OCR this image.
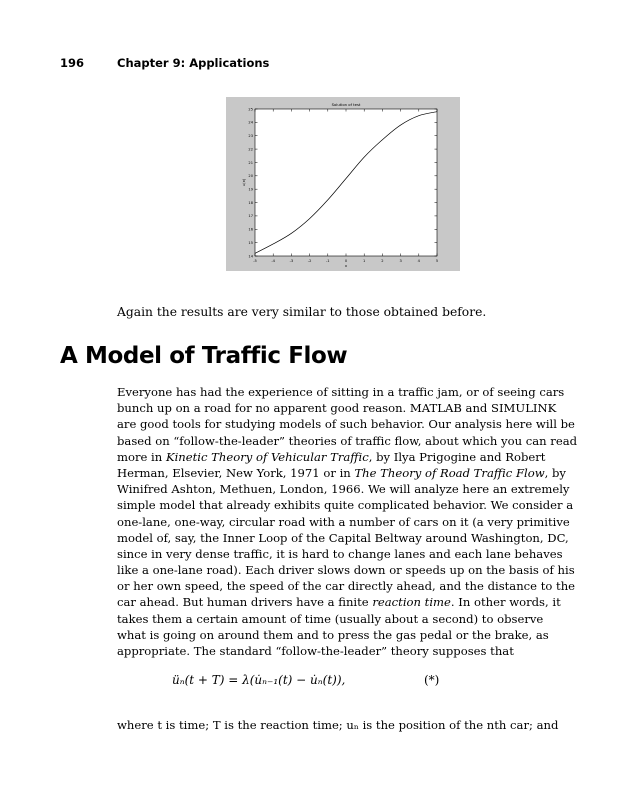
196	Chapter 9: Applications
-5	-4	-3	-2	-1	0	1	2	3	4	5
14
15
16
17
18
19
20
21
22
23
24
25
Solution of test
x
u(x)
Again the results are very similar to those obtained before.
A Model of Traffic Flow
Everyone has had the experience of sitting in a traffic jam, or of seeing cars
bunch up on a road for no apparent good reason. MATLAB and SIMULINK
are good tools for studying models of such behavior. Our analysis here will be
based on “follow-the-leader” theories of traffic flow, about which you can read
more in Kinetic Theory of Vehicular Traffic, by Ilya Prigogine and Robert
Herman, Elsevier, New York, 1971 or in The Theory of Road Traffic Flow, by
Winifred Ashton, Methuen, London, 1966. We will analyze here an extremely
simple model that already exhibits quite complicated behavior. We consider a
one-lane, one-way, circular road with a number of cars on it (a very primitive
model of, say, the Inner Loop of the Capital Beltway around Washington, DC,
since in very dense traffic, it is hard to change lanes and each lane behaves
like a one-lane road). Each driver slows down or speeds up on the basis of his
or her own speed, the speed of the car directly ahead, and the distance to the
car ahead. But human drivers have a finite reaction time. In other words, it
takes them a certain amount of time (usually about a second) to observe
what is going on around them and to press the gas pedal or the brake, as
appropriate. The standard “follow-the-leader” theory supposes that
üₙ(t + T) = λ(u̇ₙ₋₁(t) − u̇ₙ(t)),	(*)
where t is time; T is the reaction time; uₙ is the position of the nth car; and
